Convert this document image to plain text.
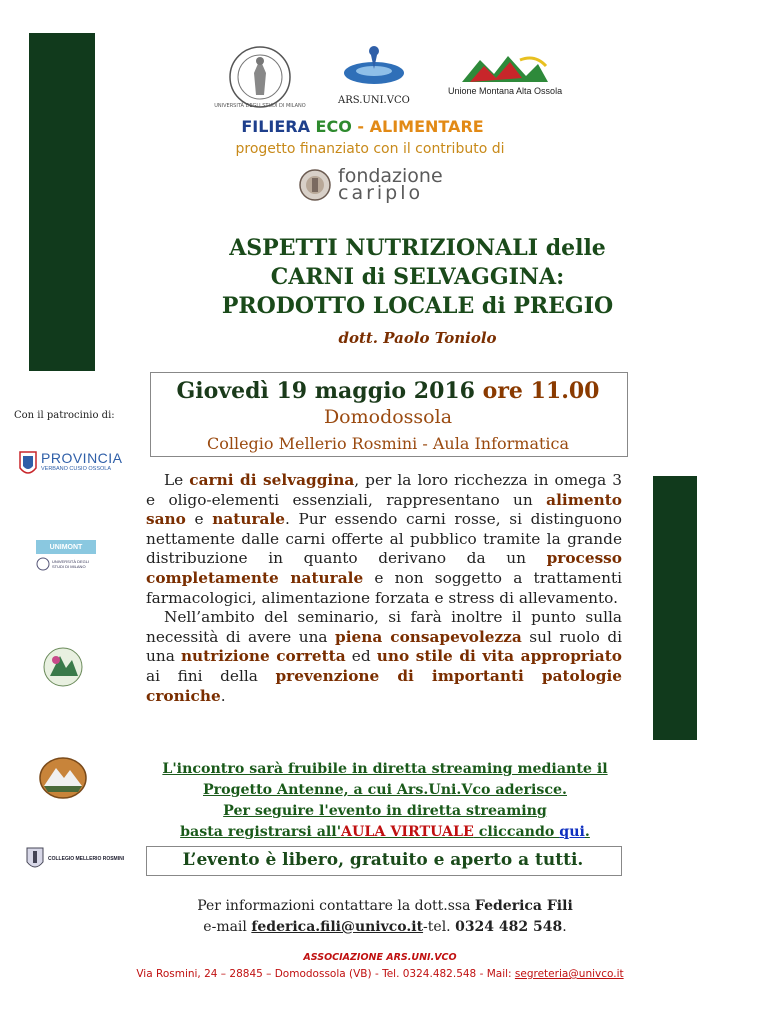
UNIVERSITÀ DEGLI STUDI DI MILANO	ARS.UNI.VCO
Unione Montana Alta Ossola
FILIERA ECO - ALIMENTARE
progetto finanziato con il contributo di
fondazione
cariplo
ASPETTI NUTRIZIONALI delle
CARNI di SELVAGGINA:
PRODOTTO LOCALE di PREGIO
dott. Paolo Toniolo
Con il patrocinio di:
PROVINCIA
VERBANO CUSIO OSSOLA
UNIMONT
UNIVERSITÀ DEGLI STUDI DI MILANO
COLLEGIO MELLERIO ROSMINI
Giovedì 19 maggio 2016 ore 11.00
Domodossola
Collegio Mellerio Rosmini - Aula Informatica

Le carni di selvaggina, per la loro ricchezza in omega 3 e oligo-elementi essenziali, rappresentano un alimento sano e naturale. Pur essendo carni rosse, si distinguono nettamente dalle carni offerte al pubblico tramite la grande distribuzione in quanto derivano da un processo completamente naturale e non soggetto a trattamenti farmacologici, alimentazione forzata e stress di allevamento.

Nell’ambito del seminario, si farà inoltre il punto sulla necessità di avere una piena consapevolezza sul ruolo di una nutrizione corretta ed uno stile di vita appropriato ai fini della prevenzione di importanti patologie croniche.

L'incontro sarà fruibile in diretta streaming mediante il
Progetto Antenne, a cui Ars.Uni.Vco aderisce.
Per seguire l'evento in diretta streaming
basta registrarsi all'AULA VIRTUALE cliccando qui.
L’evento è libero, gratuito e aperto a tutti.
Per informazioni contattare la dott.ssa Federica Fili
e-mail federica.fili@univco.it-tel. 0324 482 548.
ASSOCIAZIONE ARS.UNI.VCO
Via Rosmini, 24 – 28845 – Domodossola (VB) - Tel. 0324.482.548 - Mail: segreteria@univco.it
